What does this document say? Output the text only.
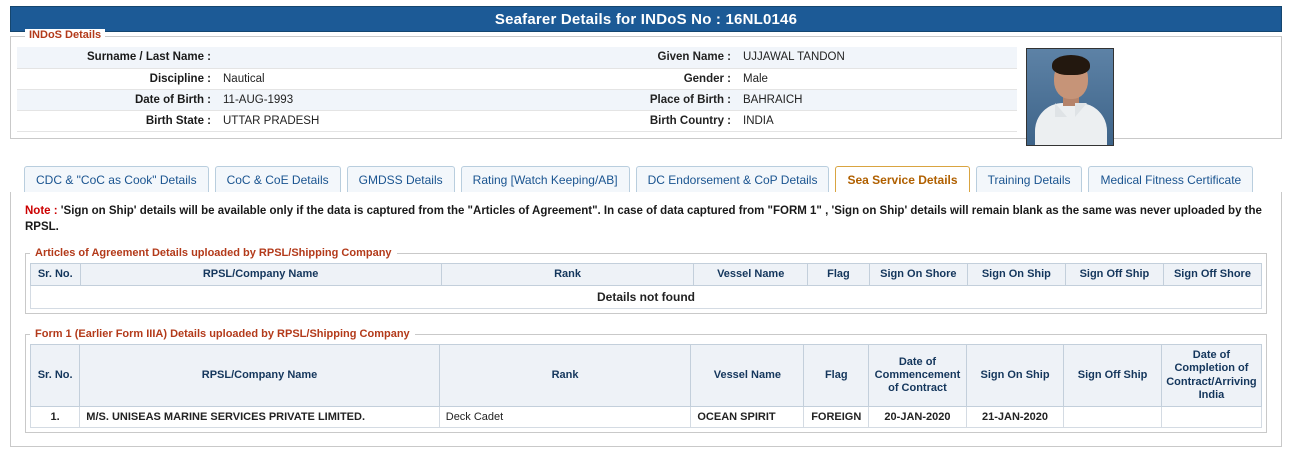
Seafarer Details for INDoS No : 16NL0146
INDoS Details
Surname / Last Name :		Given Name :	UJJAWAL TANDON
Discipline :	Nautical	Gender :	Male
Date of Birth :	11-AUG-1993	Place of Birth :	BAHRAICH
Birth State :	UTTAR PRADESH	Birth Country :	INDIA
CDC & "CoC as Cook" Details	CoC & CoE Details	GMDSS Details	Rating [Watch Keeping/AB]	DC Endorsement & CoP Details	Sea Service Details	Training Details	Medical Fitness Certificate
Note : 'Sign on Ship' details will be available only if the data is captured from the "Articles of Agreement". In case of data captured from "FORM 1" , 'Sign on Ship' details will remain blank as the same was never uploaded by the RPSL.
Articles of Agreement Details uploaded by RPSL/Shipping Company
Sr. No.	RPSL/Company Name	Rank	Vessel Name	Flag	Sign On Shore	Sign On Ship	Sign Off Ship	Sign Off Shore
Details not found
Form 1 (Earlier Form IIIA) Details uploaded by RPSL/Shipping Company
Sr. No.	RPSL/Company Name	Rank	Vessel Name	Flag	Date of Commencement of Contract	Sign On Ship	Sign Off Ship	Date of Completion of Contract/Arriving India
1.	M/S. UNISEAS MARINE SERVICES PRIVATE LIMITED.	Deck Cadet	OCEAN SPIRIT	FOREIGN	20-JAN-2020	21-JAN-2020		
